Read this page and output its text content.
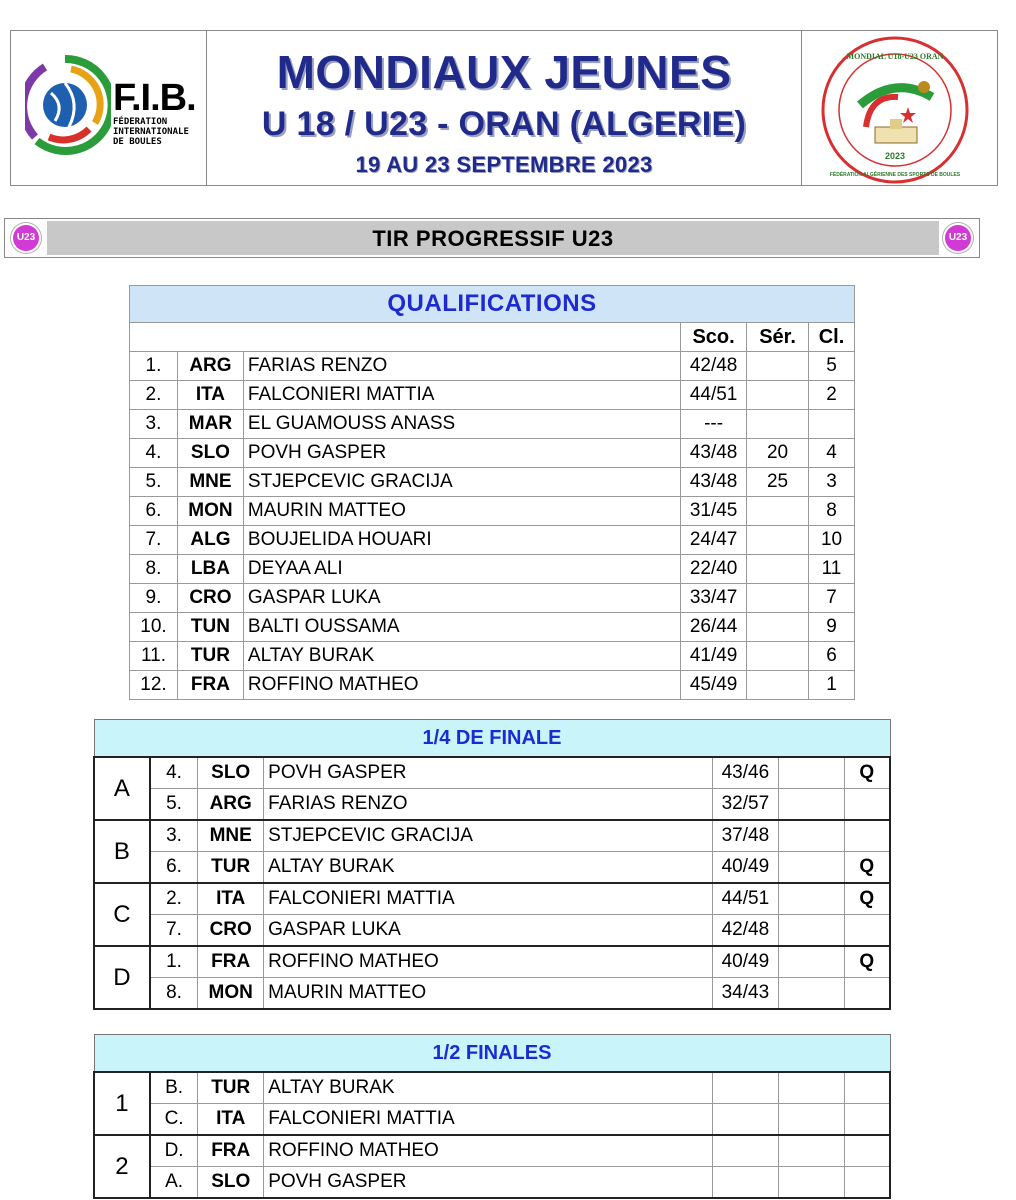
F.I.B.
FÉDERATION
INTERNATIONALE
DE BOULES
MONDIAUX JEUNES
U 18 / U23 - ORAN (ALGERIE)
19 AU 23 SEPTEMBRE 2023	2023
MONDIAL U18-U23 ORAN
FÉDÉRATION ALGÉRIENNE DES SPORTS DE BOULES
U23	TIR PROGRESSIF U23	U23
QUALIFICATIONS					
			Sco.	Sér.	Cl.
1.	ARG	FARIAS RENZO	42/48		5
2.	ITA	FALCONIERI MATTIA	44/51		2
3.	MAR	EL GUAMOUSS ANASS	---		
4.	SLO	POVH GASPER	43/48	20	4
5.	MNE	STJEPCEVIC GRACIJA	43/48	25	3
6.	MON	MAURIN MATTEO	31/45		8
7.	ALG	BOUJELIDA HOUARI	24/47		10
8.	LBA	DEYAA ALI	22/40		11
9.	CRO	GASPAR LUKA	33/47		7
10.	TUN	BALTI OUSSAMA	26/44		9
11.	TUR	ALTAY BURAK	41/49		6
12.	FRA	ROFFINO MATHEO	45/49		1
1/4 DE FINALE						
A	4.	SLO	POVH GASPER	43/46		Q
	5.	ARG	FARIAS RENZO	32/57		
B	3.	MNE	STJEPCEVIC GRACIJA	37/48		
	6.	TUR	ALTAY BURAK	40/49		Q
C	2.	ITA	FALCONIERI MATTIA	44/51		Q
	7.	CRO	GASPAR LUKA	42/48		
D	1.	FRA	ROFFINO MATHEO	40/49		Q
	8.	MON	MAURIN MATTEO	34/43		
1/2 FINALES						
1	B.	TUR	ALTAY BURAK			
	C.	ITA	FALCONIERI MATTIA			
2	D.	FRA	ROFFINO MATHEO			
	A.	SLO	POVH GASPER			
